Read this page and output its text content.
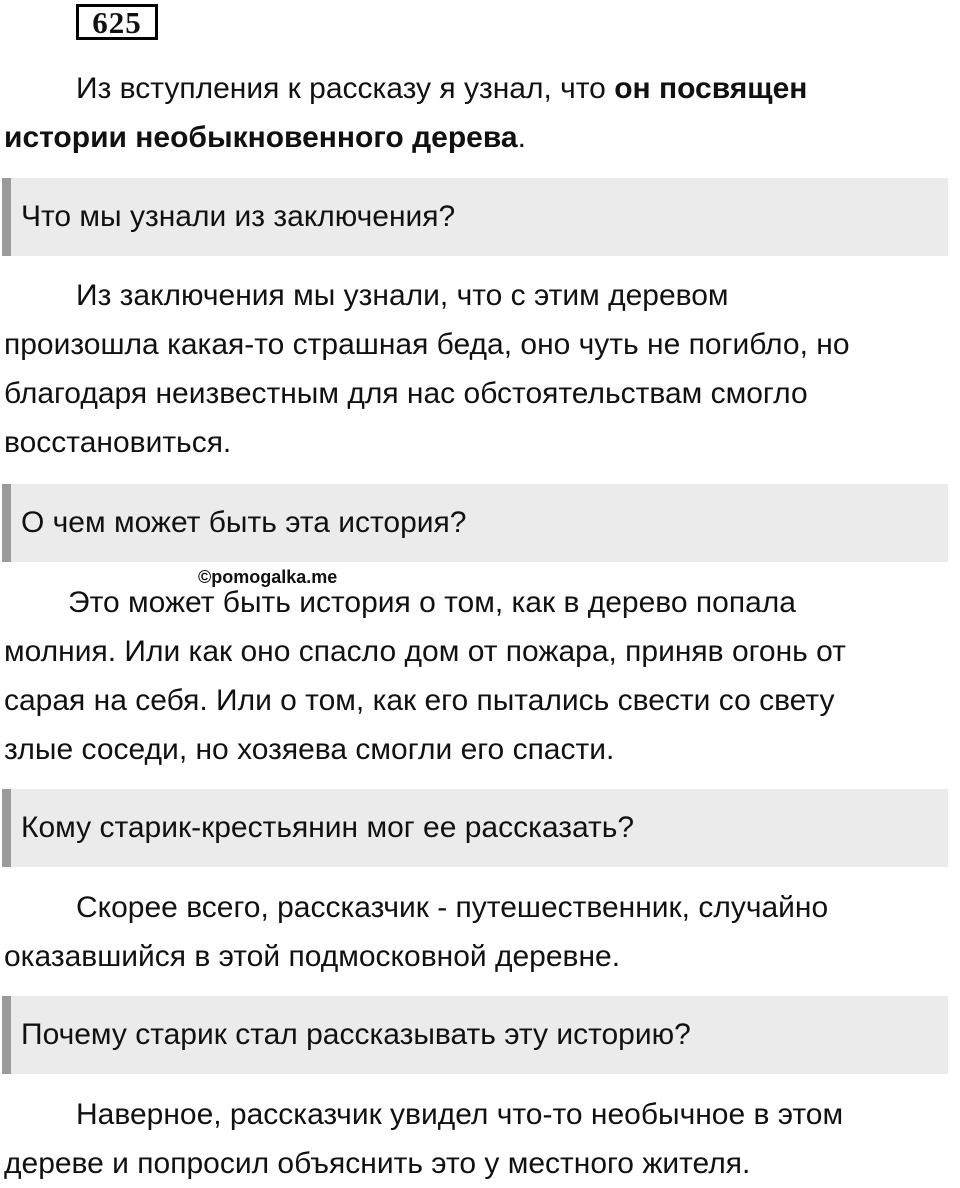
625
Из вступления к рассказу я узнал, что он посвящен
истории необыкновенного дерева.
Что мы узнали из заключения?
Из заключения мы узнали, что с этим деревом
произошла какая-то страшная беда, оно чуть не погибло, но
благодаря неизвестным для нас обстоятельствам смогло
восстановиться.
О чем может быть эта история?
©pomogalka.me
Это может быть история о том, как в дерево попала
молния. Или как оно спасло дом от пожара, приняв огонь от
сарая на себя. Или о том, как его пытались свести со свету
злые соседи, но хозяева смогли его спасти.
Кому старик-крестьянин мог ее рассказать?
Скорее всего, рассказчик - путешественник, случайно
оказавшийся в этой подмосковной деревне.
Почему старик стал рассказывать эту историю?
Наверное, рассказчик увидел что-то необычное в этом
дереве и попросил объяснить это у местного жителя.
